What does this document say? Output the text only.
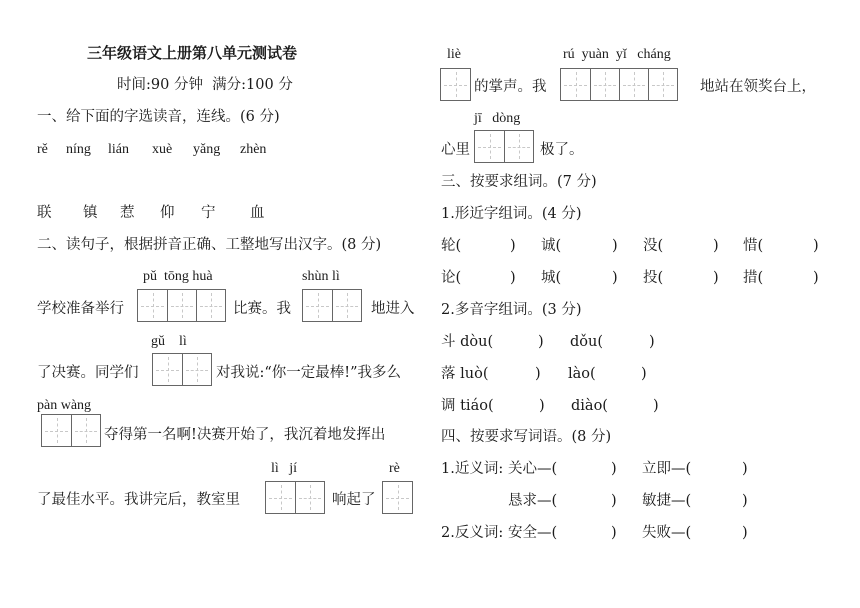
三年级语文上册第八单元测试卷
时间:90 分钟  满分:100 分
一、给下面的字选读音，连线。(6 分)
rě níng lián xuè yǎng zhèn
联 镇 惹 仰 宁 血
二、读句子，根据拼音正确、工整地写出汉字。(8 分)
pǔ  tōng huà	shùn lì
学校准备举行	比赛。我	地进入
gǔ    lì
了决赛。同学们	对我说:“你一定最棒!”我多么
pàn wàng
夺得第一名啊!决赛开始了，我沉着地发挥出
lì   jí	rè
了最佳水平。我讲完后，教室里	响起了
liè	rú  yuàn  yǐ   cháng
的掌声。我	地站在领奖台上，
jī   dòng
心里	极了。
三、按要求组词。(7 分)
1.形近字组词。(4 分)
轮(	) 诚(	) 没(	) 惜(	)
论(	) 城(	) 投(	) 措(	)
2.多音字组词。(3 分)
斗 dòu(	) dǒu(	)
落 luò(	) lào(	)
调 tiáo(	) diào(	)
四、按要求写词语。(8 分)
1.近义词: 关心—(	) 立即—(	)
恳求—(	) 敏捷—(	)
2.反义词: 安全—(	) 失败—(	)
